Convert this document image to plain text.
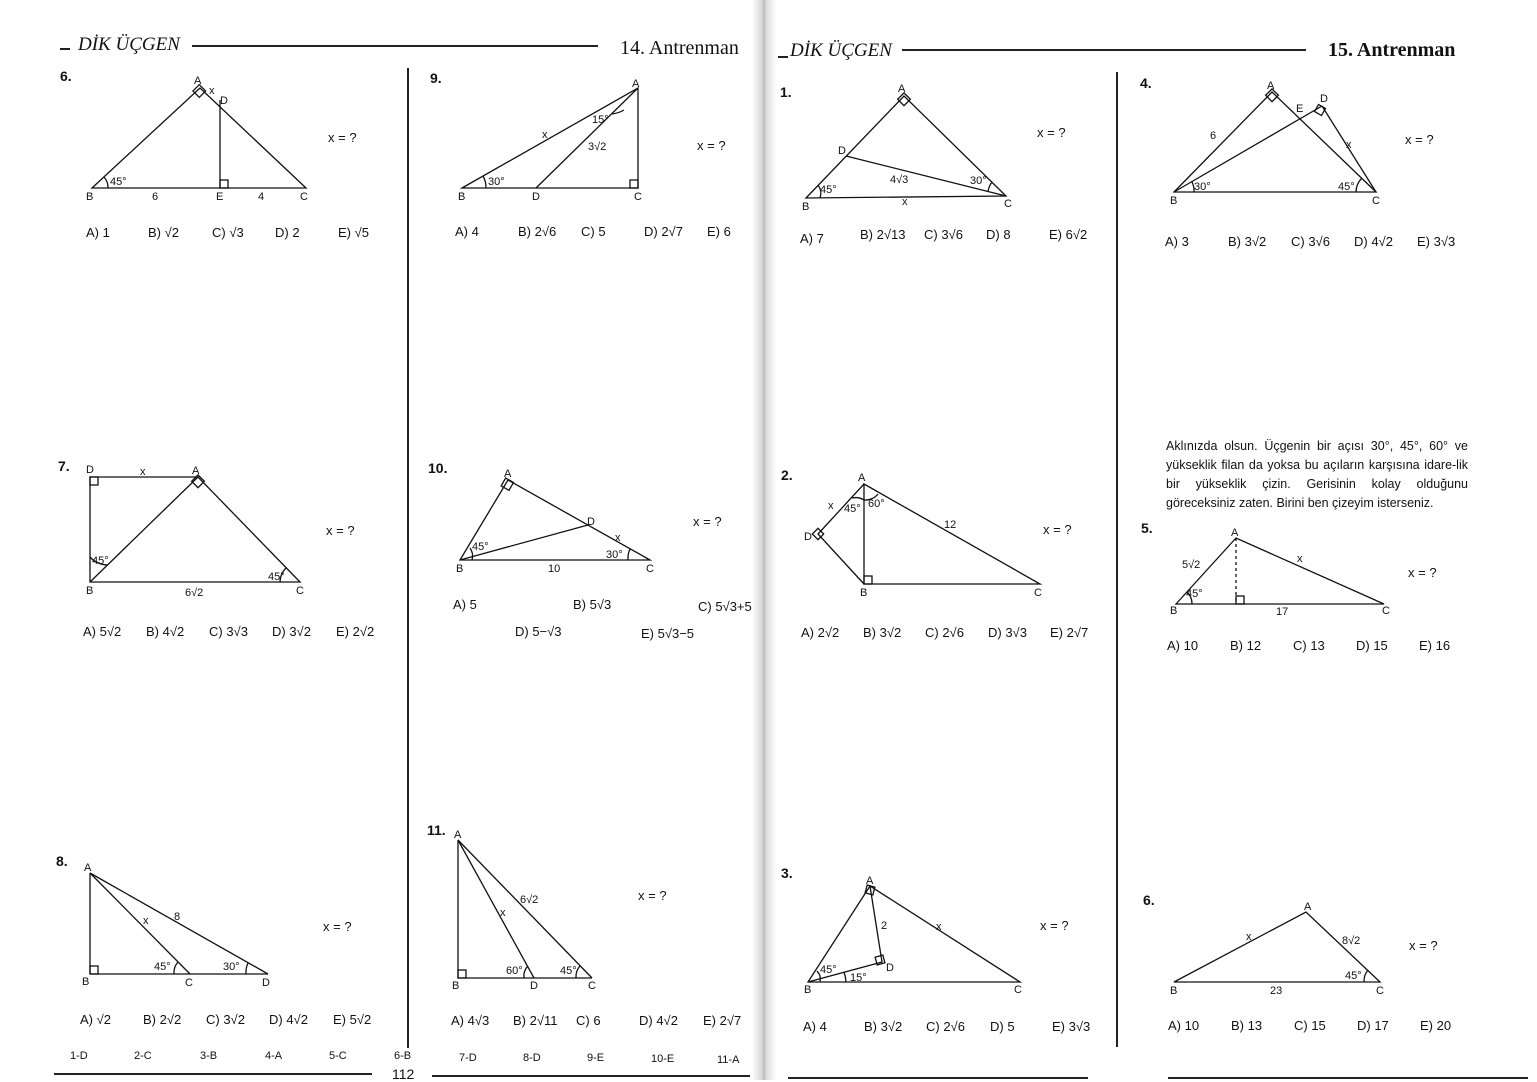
DİK ÜÇGEN	14. Antrenman
6.	A
x
D
45°
B	6	E	4	C
x = ?
A) 1	B) √2	C) √3 D) 2	E) √5
7. D	x	A
45°
B	6√2
45°
C
x = ?
A) 5√2 B) 4√2 C) 3√3 D) 3√2 E) 2√2
8. A
x 8
B
45°
C
30°
D
x = ?
A) √2 B) 2√2 C) 3√2 D) 4√2 E) 5√2
9.	A
15°
x
3√2
30°
B	D	C
x = ?
A) 4	B) 2√6 C) 5	D) 2√7 E) 6
10.	A
D
x
45°
30°
B	10	C
x = ?
A) 5	B) 5√3	C) 5√3+5
D) 5−√3	E) 5√3−5
11. A
6√2
x
60°	45°
B	D	C
x = ?
A) 4√3 B) 2√11 C) 6	D) 4√2 E) 2√7
1-D	2-C	3-B	4-A	5-C	6-B	7-D	8-D	9-E	10-E	11-A
112
DİK ÜÇGEN	15. Antrenman
1.	A
D
4√3
45°
30°
B	x	C
x = ?
A) 7	B) 2√13 C) 3√6 D) 8	E) 6√2
2.	A
x 45° 60°
12
D
B	C
x = ?
A) 2√2 B) 3√2 C) 2√6 D) 3√3 E) 2√7
3.	A
2	x
D
45°
15°
B	C
x = ?
A) 4	B) 3√2 C) 2√6 D) 5	E) 3√3
4.	A
D
E
6
x
30°	45°
B	C
x = ?
A) 3	B) 3√2 C) 3√6 D) 4√2 E) 3√3
Aklınızda olsun. Üçgenin bir açısı 30°, 45°, 60° ve yükseklik filan da yoksa bu açıların karşısına idare-lik bir yükseklik çizin. Gerisinin kolay olduğunu göreceksiniz zaten. Birini ben çizeyim isterseniz.
5.	A
5√2	x
45°
B	17	C
x = ?
A) 10 B) 12 C) 13 D) 15 E) 16
6.	A
x	8√2
45°
B	23	C
x = ?
A) 10 B) 13 C) 15 D) 17 E) 20
